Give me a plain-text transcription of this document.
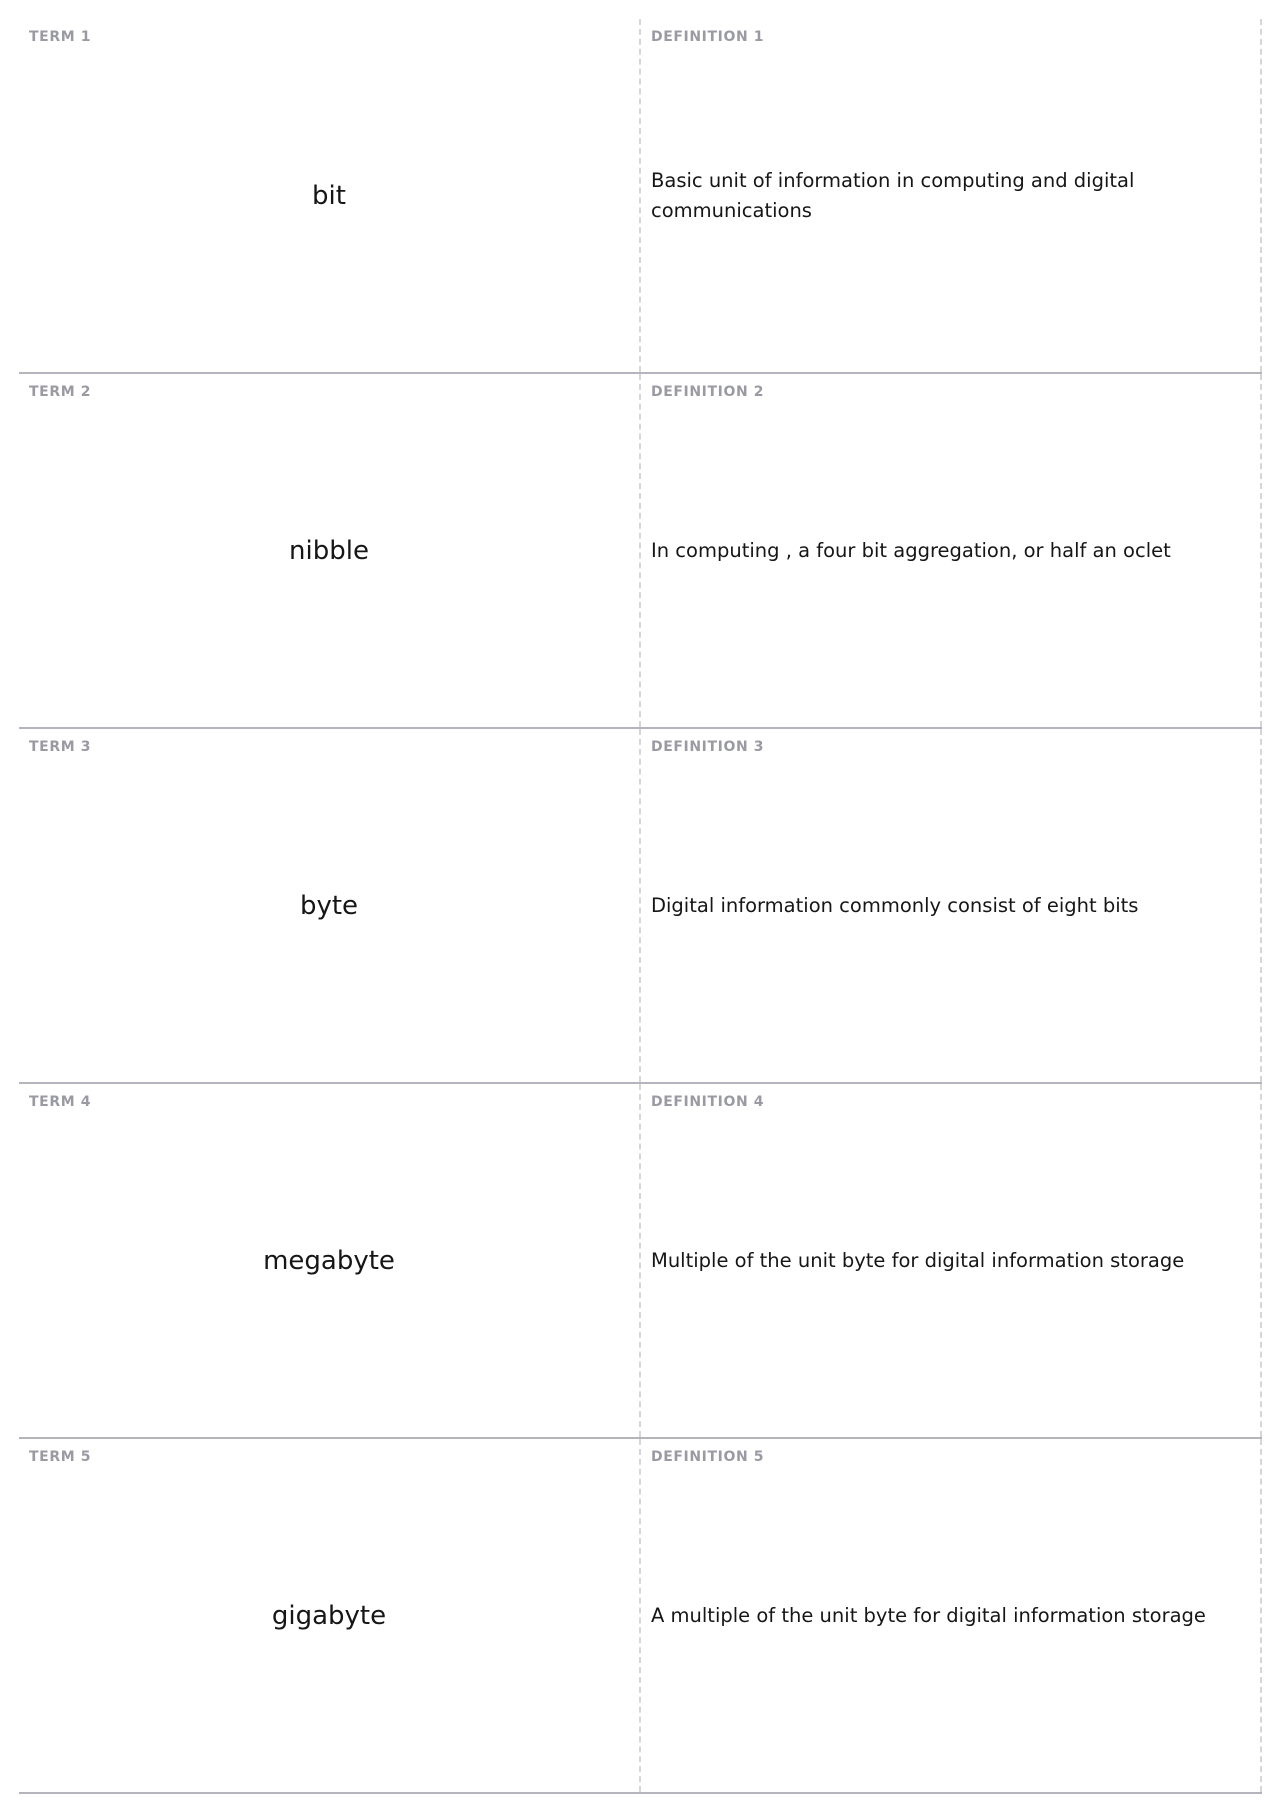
TERM 1
bit
DEFINITION 1
Basic unit of information in computing and digital communications
TERM 2
nibble
DEFINITION 2
In computing , a four bit aggregation, or half an oclet
TERM 3
byte
DEFINITION 3
Digital information commonly consist of eight bits
TERM 4
megabyte
DEFINITION 4
Multiple of the unit byte for digital information storage
TERM 5
gigabyte
DEFINITION 5
A multiple of the unit byte for digital information storage
